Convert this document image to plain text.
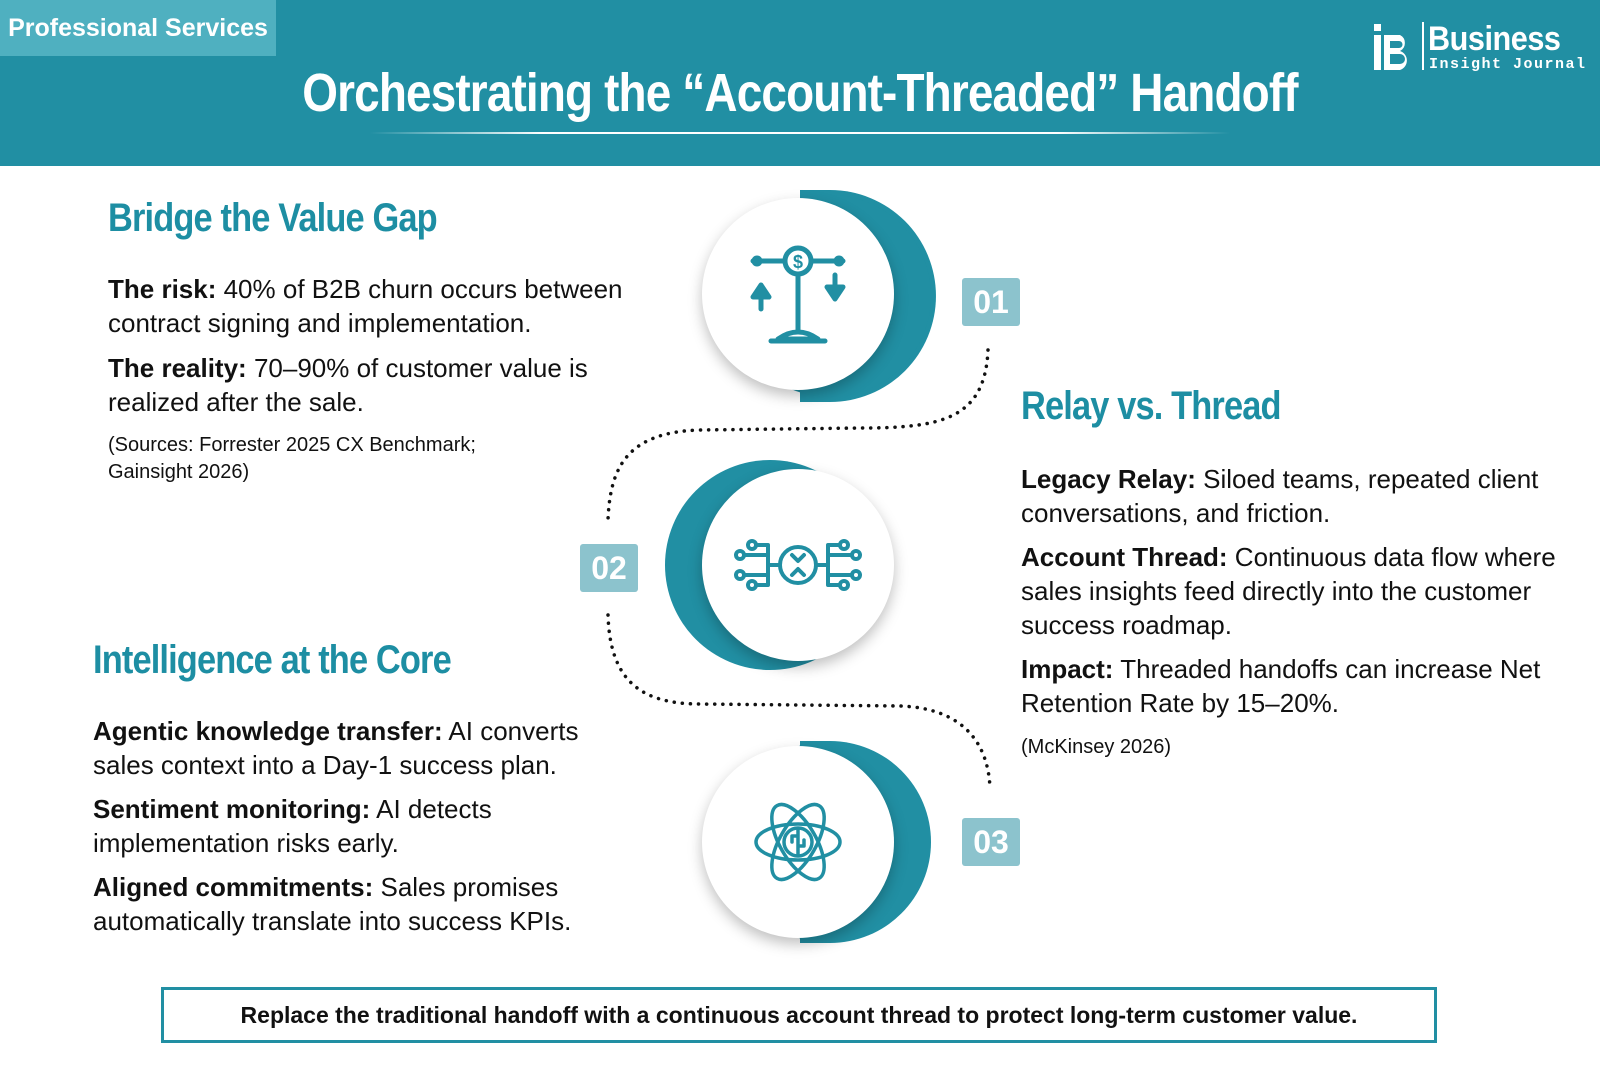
Professional Services
Orchestrating the “Account-Threaded” Handoff
Business
Insight Journal
$
01
02
03
Bridge the Value Gap
The risk: 40% of B2B churn occurs between contract signing and implementation.
The reality: 70–90% of customer value is realized after the sale.
(Sources: Forrester 2025 CX Benchmark; Gainsight 2026)
Relay vs. Thread
Legacy Relay: Siloed teams, repeated client conversations, and friction.
Account Thread: Continuous data flow where sales insights feed directly into the customer success roadmap.
Impact: Threaded handoffs can increase Net Retention Rate by 15–20%.
(McKinsey 2026)
Intelligence at the Core
Agentic knowledge transfer: AI converts sales context into a Day-1 success plan.
Sentiment monitoring: AI detects implementation risks early.
Aligned commitments: Sales promises automatically translate into success KPIs.
Replace the traditional handoff with a continuous account thread to protect long-term customer value.
